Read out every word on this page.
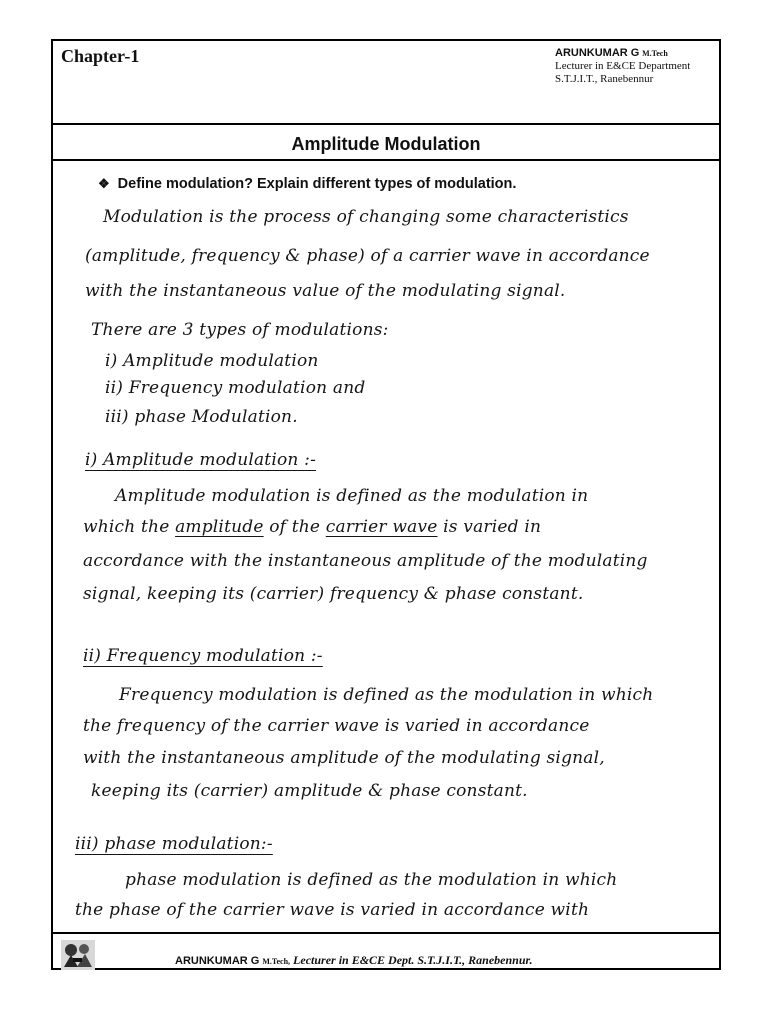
Chapter-1	ARUNKUMAR G M.Tech
Lecturer in E&CE Department
S.T.J.I.T., Ranebennur
Amplitude Modulation
❖ Define modulation? Explain different types of modulation.
Modulation is the process of changing some characteristics
(amplitude, frequency & phase) of a carrier wave in accordance
with the instantaneous value of the modulating signal.
There are 3 types of modulations:
i) Amplitude modulation
ii) Frequency modulation and
iii) phase Modulation.
i) Amplitude modulation :-
Amplitude modulation is defined as the modulation in
which the amplitude of the carrier wave is varied in
accordance with the instantaneous amplitude of the modulating
signal, keeping its (carrier) frequency & phase constant.
ii) Frequency modulation :-
Frequency modulation is defined as the modulation in which
the frequency of the carrier wave is varied in accordance
with the instantaneous amplitude of the modulating signal,
keeping its (carrier) amplitude & phase constant.
iii) phase modulation:-
phase modulation is defined as the modulation in which
the phase of the carrier wave is varied in accordance with
ARUNKUMAR G M.Tech, Lecturer in E&CE Dept. S.T.J.I.T., Ranebennur.
